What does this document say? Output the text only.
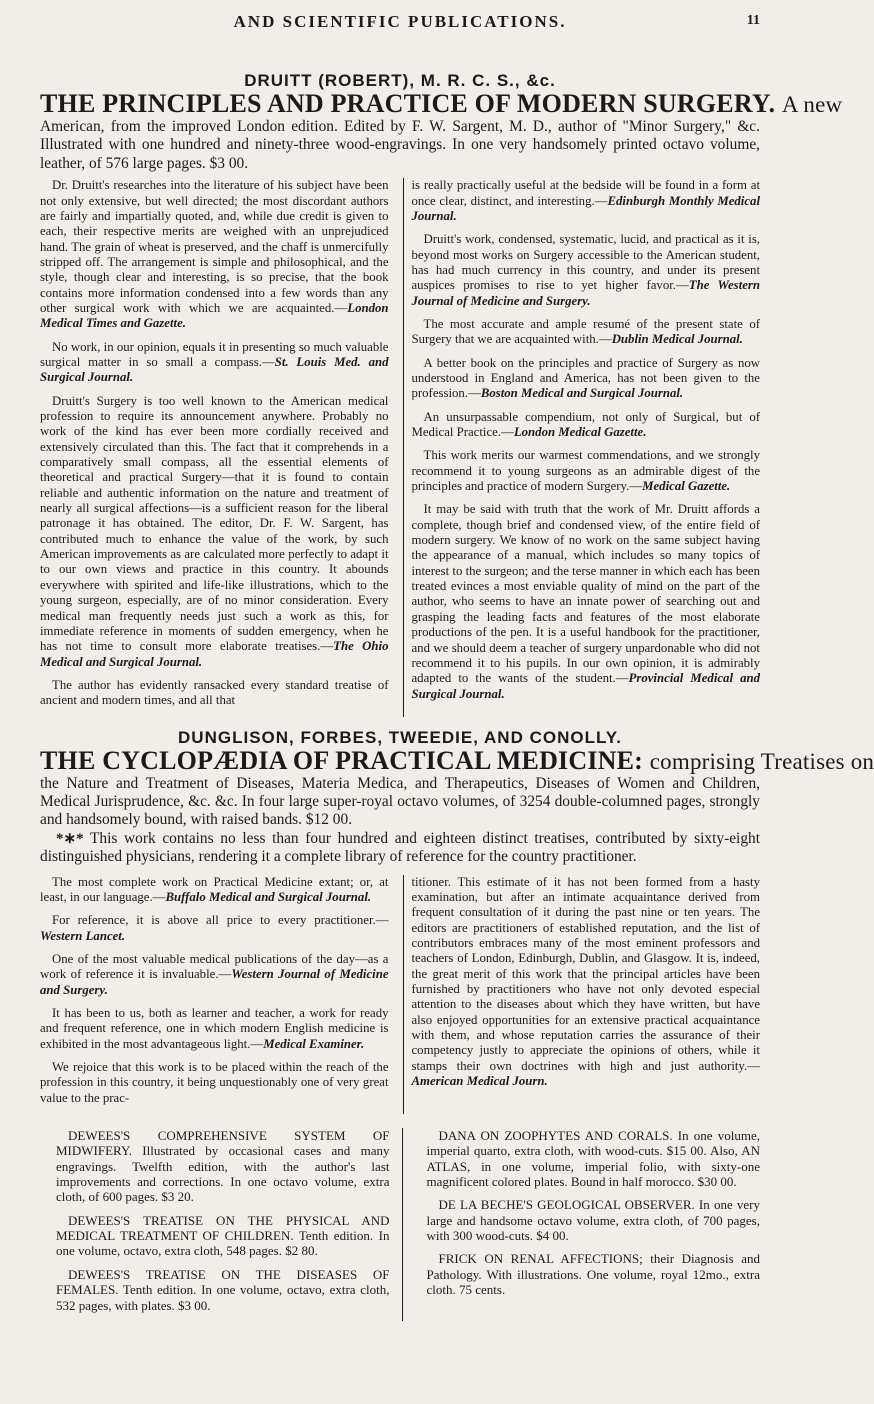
AND SCIENTIFIC PUBLICATIONS.	11
DRUITT (ROBERT), M. R. C. S., &c.
THE PRINCIPLES AND PRACTICE OF MODERN SURGERY. A new

American, from the improved London edition. Edited by F. W. Sargent, M. D., author of "Minor Surgery," &c. Illustrated with one hundred and ninety-three wood-engravings. In one very handsomely printed octavo volume, leather, of 576 large pages. $3 00.

Dr. Druitt's researches into the literature of his subject have been not only extensive, but well directed; the most discordant authors are fairly and impartially quoted, and, while due credit is given to each, their respective merits are weighed with an unprejudiced hand. The grain of wheat is preserved, and the chaff is unmercifully stripped off. The arrangement is simple and philosophical, and the style, though clear and interesting, is so precise, that the book contains more information condensed into a few words than any other surgical work with which we are acquainted.—London Medical Times and Gazette.

No work, in our opinion, equals it in presenting so much valuable surgical matter in so small a compass.—St. Louis Med. and Surgical Journal.

Druitt's Surgery is too well known to the American medical profession to require its announcement anywhere. Probably no work of the kind has ever been more cordially received and extensively circulated than this. The fact that it comprehends in a comparatively small compass, all the essential elements of theoretical and practical Surgery—that it is found to contain reliable and authentic information on the nature and treatment of nearly all surgical affections—is a sufficient reason for the liberal patronage it has obtained. The editor, Dr. F. W. Sargent, has contributed much to enhance the value of the work, by such American improvements as are calculated more perfectly to adapt it to our own views and practice in this country. It abounds everywhere with spirited and life-like illustrations, which to the young surgeon, especially, are of no minor consideration. Every medical man frequently needs just such a work as this, for immediate reference in moments of sudden emergency, when he has not time to consult more elaborate treatises.—The Ohio Medical and Surgical Journal.

The author has evidently ransacked every standard treatise of ancient and modern times, and all that

is really practically useful at the bedside will be found in a form at once clear, distinct, and interesting.—Edinburgh Monthly Medical Journal.

Druitt's work, condensed, systematic, lucid, and practical as it is, beyond most works on Surgery accessible to the American student, has had much currency in this country, and under its present auspices promises to rise to yet higher favor.—The Western Journal of Medicine and Surgery.

The most accurate and ample resumé of the present state of Surgery that we are acquainted with.—Dublin Medical Journal.

A better book on the principles and practice of Surgery as now understood in England and America, has not been given to the profession.—Boston Medical and Surgical Journal.

An unsurpassable compendium, not only of Surgical, but of Medical Practice.—London Medical Gazette.

This work merits our warmest commendations, and we strongly recommend it to young surgeons as an admirable digest of the principles and practice of modern Surgery.—Medical Gazette.

It may be said with truth that the work of Mr. Druitt affords a complete, though brief and condensed view, of the entire field of modern surgery. We know of no work on the same subject having the appearance of a manual, which includes so many topics of interest to the surgeon; and the terse manner in which each has been treated evinces a most enviable quality of mind on the part of the author, who seems to have an innate power of searching out and grasping the leading facts and features of the most elaborate productions of the pen. It is a useful handbook for the practitioner, and we should deem a teacher of surgery unpardonable who did not recommend it to his pupils. In our own opinion, it is admirably adapted to the wants of the student.—Provincial Medical and Surgical Journal.

DUNGLISON, FORBES, TWEEDIE, AND CONOLLY.
THE CYCLOPÆDIA OF PRACTICAL MEDICINE: comprising Treatises on

the Nature and Treatment of Diseases, Materia Medica, and Therapeutics, Diseases of Women and Children, Medical Jurisprudence, &c. &c. In four large super-royal octavo volumes, of 3254 double-columned pages, strongly and handsomely bound, with raised bands. $12 00.

*∗* This work contains no less than four hundred and eighteen distinct treatises, contributed by sixty-eight distinguished physicians, rendering it a complete library of reference for the country practitioner.

The most complete work on Practical Medicine extant; or, at least, in our language.—Buffalo Medical and Surgical Journal.

For reference, it is above all price to every practitioner.—Western Lancet.

One of the most valuable medical publications of the day—as a work of reference it is invaluable.—Western Journal of Medicine and Surgery.

It has been to us, both as learner and teacher, a work for ready and frequent reference, one in which modern English medicine is exhibited in the most advantageous light.—Medical Examiner.

We rejoice that this work is to be placed within the reach of the profession in this country, it being unquestionably one of very great value to the prac-

titioner. This estimate of it has not been formed from a hasty examination, but after an intimate acquaintance derived from frequent consultation of it during the past nine or ten years. The editors are practitioners of established reputation, and the list of contributors embraces many of the most eminent professors and teachers of London, Edinburgh, Dublin, and Glasgow. It is, indeed, the great merit of this work that the principal articles have been furnished by practitioners who have not only devoted especial attention to the diseases about which they have written, but have also enjoyed opportunities for an extensive practical acquaintance with them, and whose reputation carries the assurance of their competency justly to appreciate the opinions of others, while it stamps their own doctrines with high and just authority.—American Medical Journ.

DEWEES'S COMPREHENSIVE SYSTEM OF MIDWIFERY. Illustrated by occasional cases and many engravings. Twelfth edition, with the author's last improvements and corrections. In one octavo volume, extra cloth, of 600 pages. $3 20.

DEWEES'S TREATISE ON THE PHYSICAL AND MEDICAL TREATMENT OF CHILDREN. Tenth edition. In one volume, octavo, extra cloth, 548 pages. $2 80.

DEWEES'S TREATISE ON THE DISEASES OF FEMALES. Tenth edition. In one volume, octavo, extra cloth, 532 pages, with plates. $3 00.

DANA ON ZOOPHYTES AND CORALS. In one volume, imperial quarto, extra cloth, with wood-cuts. $15 00. Also, AN ATLAS, in one volume, imperial folio, with sixty-one magnificent colored plates. Bound in half morocco. $30 00.

DE LA BECHE'S GEOLOGICAL OBSERVER. In one very large and handsome octavo volume, extra cloth, of 700 pages, with 300 wood-cuts. $4 00.

FRICK ON RENAL AFFECTIONS; their Diagnosis and Pathology. With illustrations. One volume, royal 12mo., extra cloth. 75 cents.
